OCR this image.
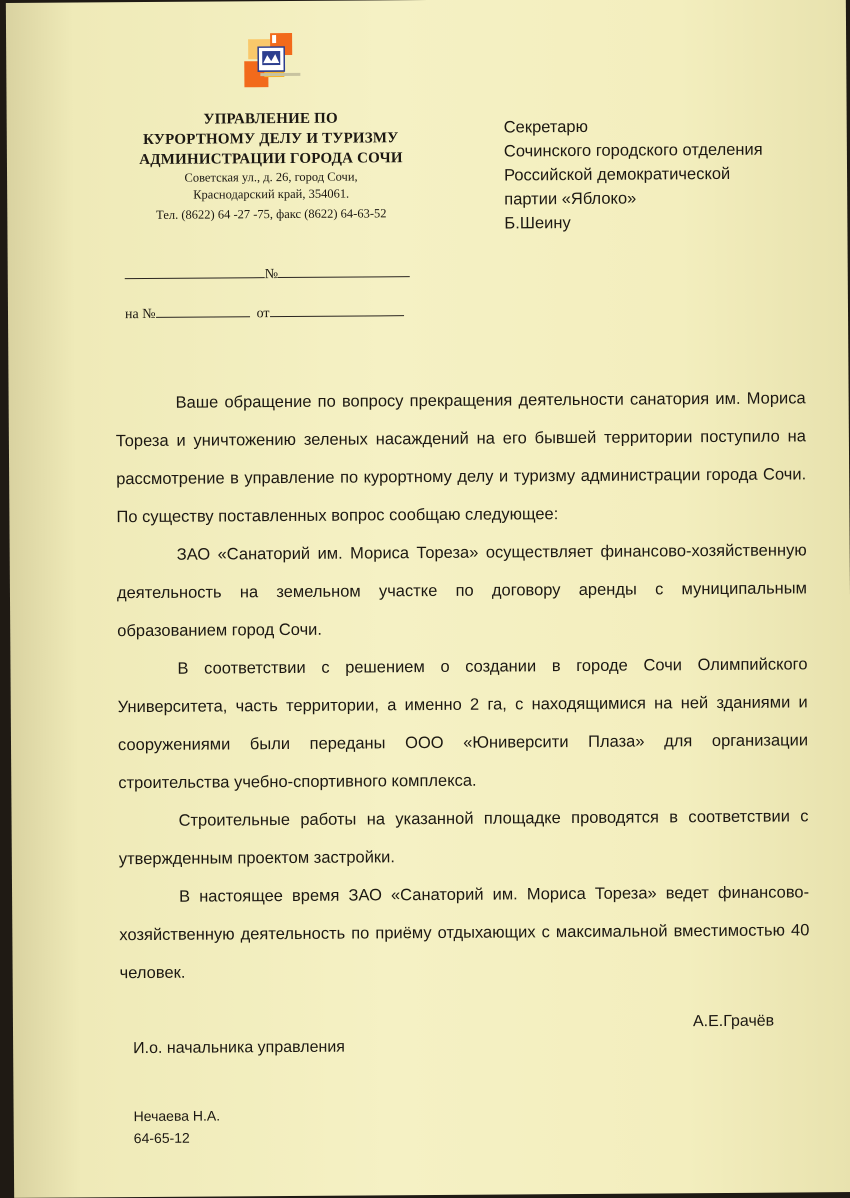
УПРАВЛЕНИЕ ПО
КУРОРТНОМУ ДЕЛУ И ТУРИЗМУ
АДМИНИСТРАЦИИ ГОРОДА СОЧИ
Советская ул., д. 26, город Сочи,
Краснодарский край, 354061.
Тел. (8622) 64 -27 -75, факс (8622) 64-63-52
Секретарю
Сочинского городского отделения
Российской демократической
партии «Яблоко»
Б.Шеину
№
на №	от

Ваше обращение по вопросу прекращения деятельности санатория им. Мориса Тореза и уничтожению зеленых насаждений на его бывшей территории поступило на рассмотрение в управление по курортному делу и туризму администрации города Сочи. По существу поставленных вопрос сообщаю следующее:

ЗАО «Санаторий им. Мориса Тореза» осуществляет финансово-хозяйственную деятельность на земельном участке по договору аренды с муниципальным образованием город Сочи.

В соответствии с решением о создании в городе Сочи Олимпийского Университета, часть территории, а именно 2 га, с находящимися на ней зданиями и сооружениями были переданы ООО «Юниверсити Плаза» для организации строительства учебно-спортивного комплекса.

Строительные работы на указанной площадке проводятся в соответствии с утвержденным проектом застройки.

В настоящее время ЗАО «Санаторий им. Мориса Тореза» ведет финансово-хозяйственную деятельность по приёму отдыхающих с максимальной вместимостью 40 человек.

А.Е.Грачёв
И.о. начальника управления
Нечаева Н.А.
64-65-12
